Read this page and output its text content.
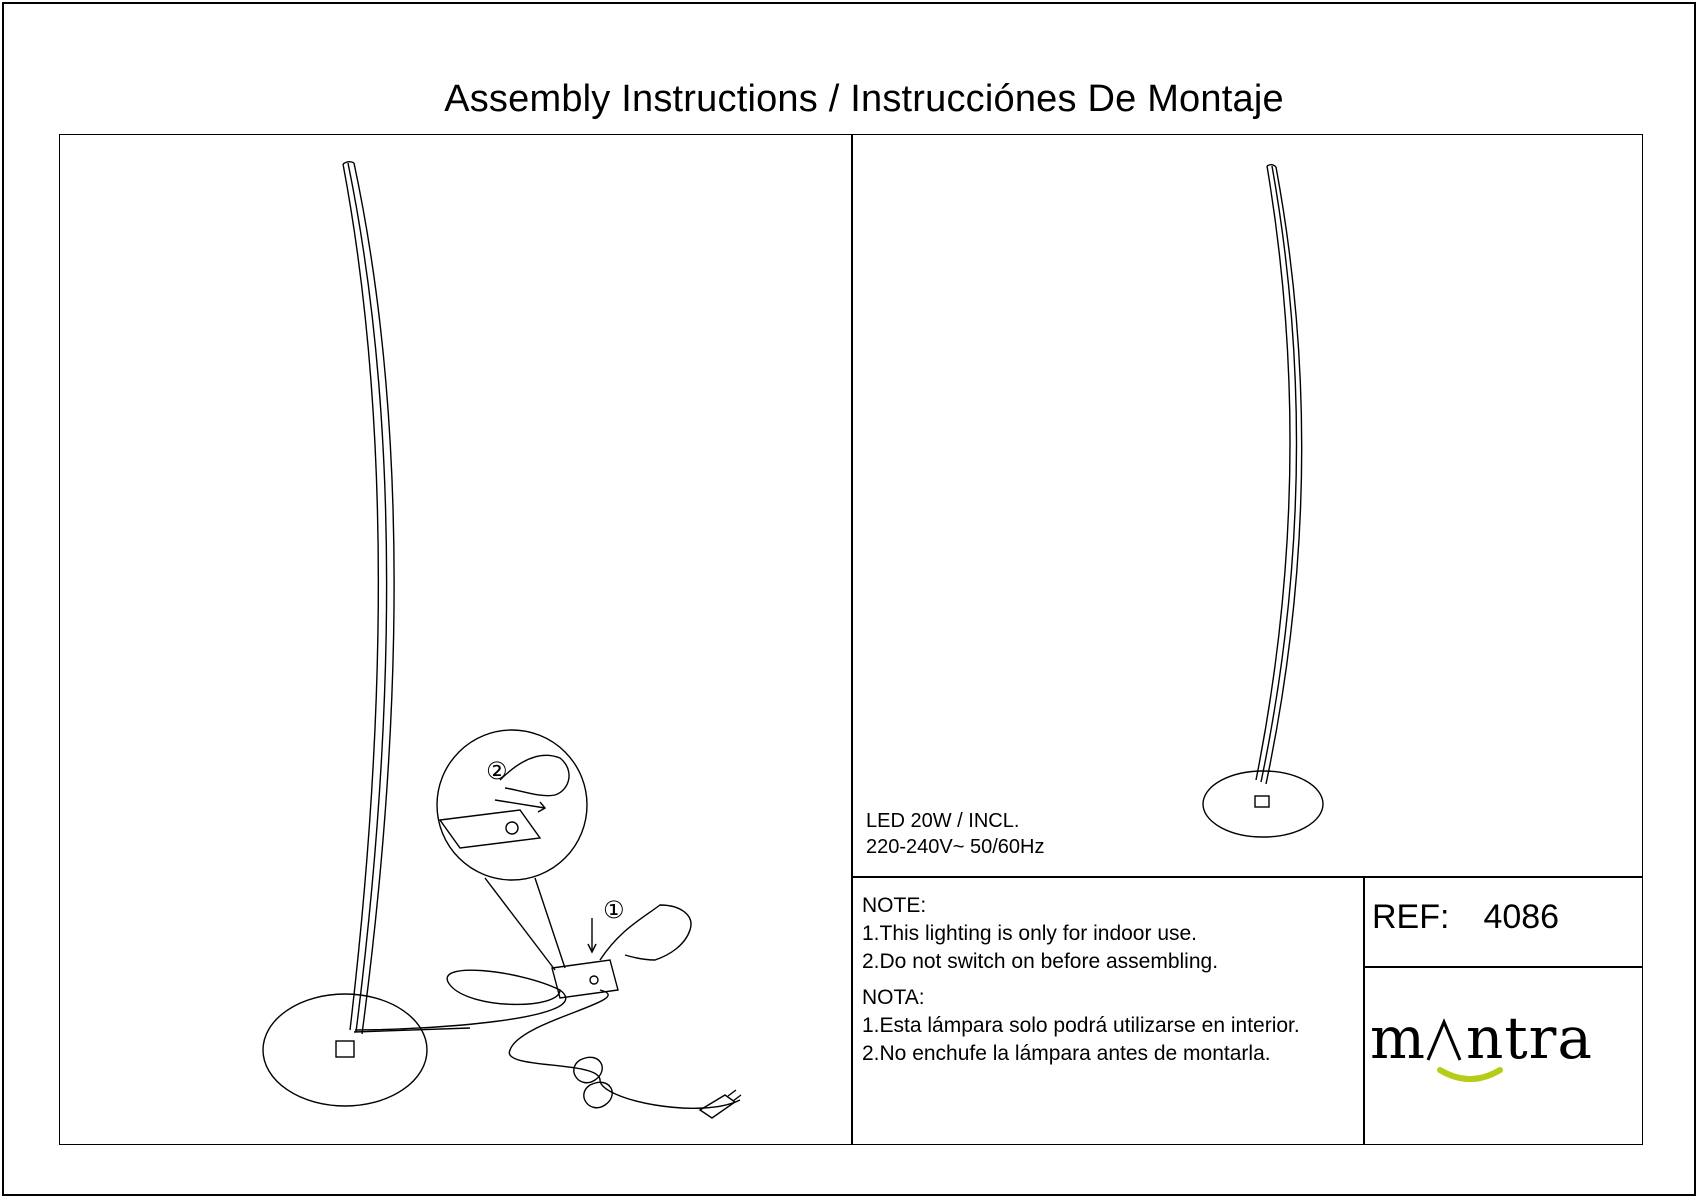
Assembly Instructions / Instrucciónes De Montaje
②
①
LED 20W / INCL.
220-240V~ 50/60Hz
NOTE:
1.This lighting is only for indoor use.
2.Do not switch on before assembling.
NOTA:
1.Esta lámpara solo podrá utilizarse en interior.
2.No enchufe la lámpara antes de montarla.
REF: 4086
m ntra
